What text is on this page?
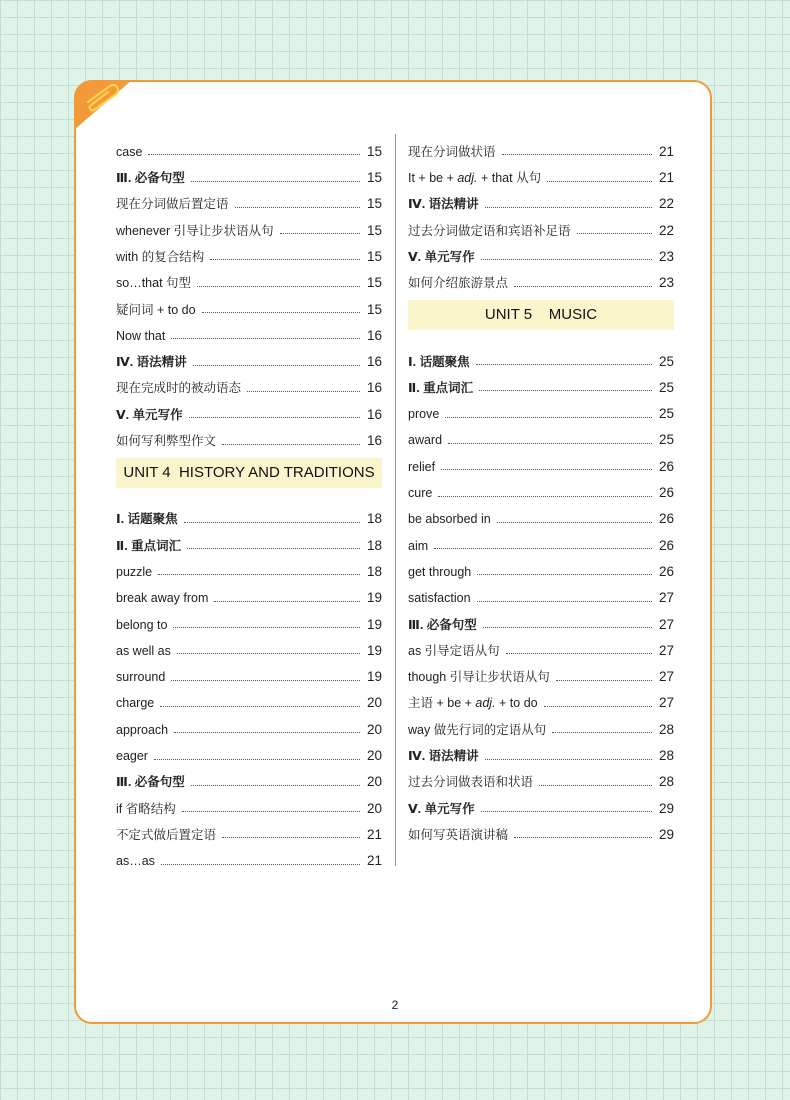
case	15
Ⅲ. 必备句型	15
现在分词做后置定语	15
whenever 引导让步状语从句	15
with 的复合结构	15
so…that 句型	15
疑问词 + to do	15
Now that	16
Ⅳ. 语法精讲	16
现在完成时的被动语态	16
Ⅴ. 单元写作	16
如何写利弊型作文	16
UNIT 4  HISTORY AND TRADITIONS
Ⅰ. 话题聚焦	18
Ⅱ. 重点词汇	18
puzzle	18
break away from	19
belong to	19
as well as	19
surround	19
charge	20
approach	20
eager	20
Ⅲ. 必备句型	20
if 省略结构	20
不定式做后置定语	21
as…as	21
现在分词做状语	21
It + be + adj. + that 从句	21
Ⅳ. 语法精讲	22
过去分词做定语和宾语补足语	22
Ⅴ. 单元写作	23
如何介绍旅游景点	23
UNIT 5    MUSIC
Ⅰ. 话题聚焦	25
Ⅱ. 重点词汇	25
prove	25
award	25
relief	26
cure	26
be absorbed in	26
aim	26
get through	26
satisfaction	27
Ⅲ. 必备句型	27
as 引导定语从句	27
though 引导让步状语从句	27
主语 + be + adj. + to do	27
way 做先行词的定语从句	28
Ⅳ. 语法精讲	28
过去分词做表语和状语	28
Ⅴ. 单元写作	29
如何写英语演讲稿	29
2
